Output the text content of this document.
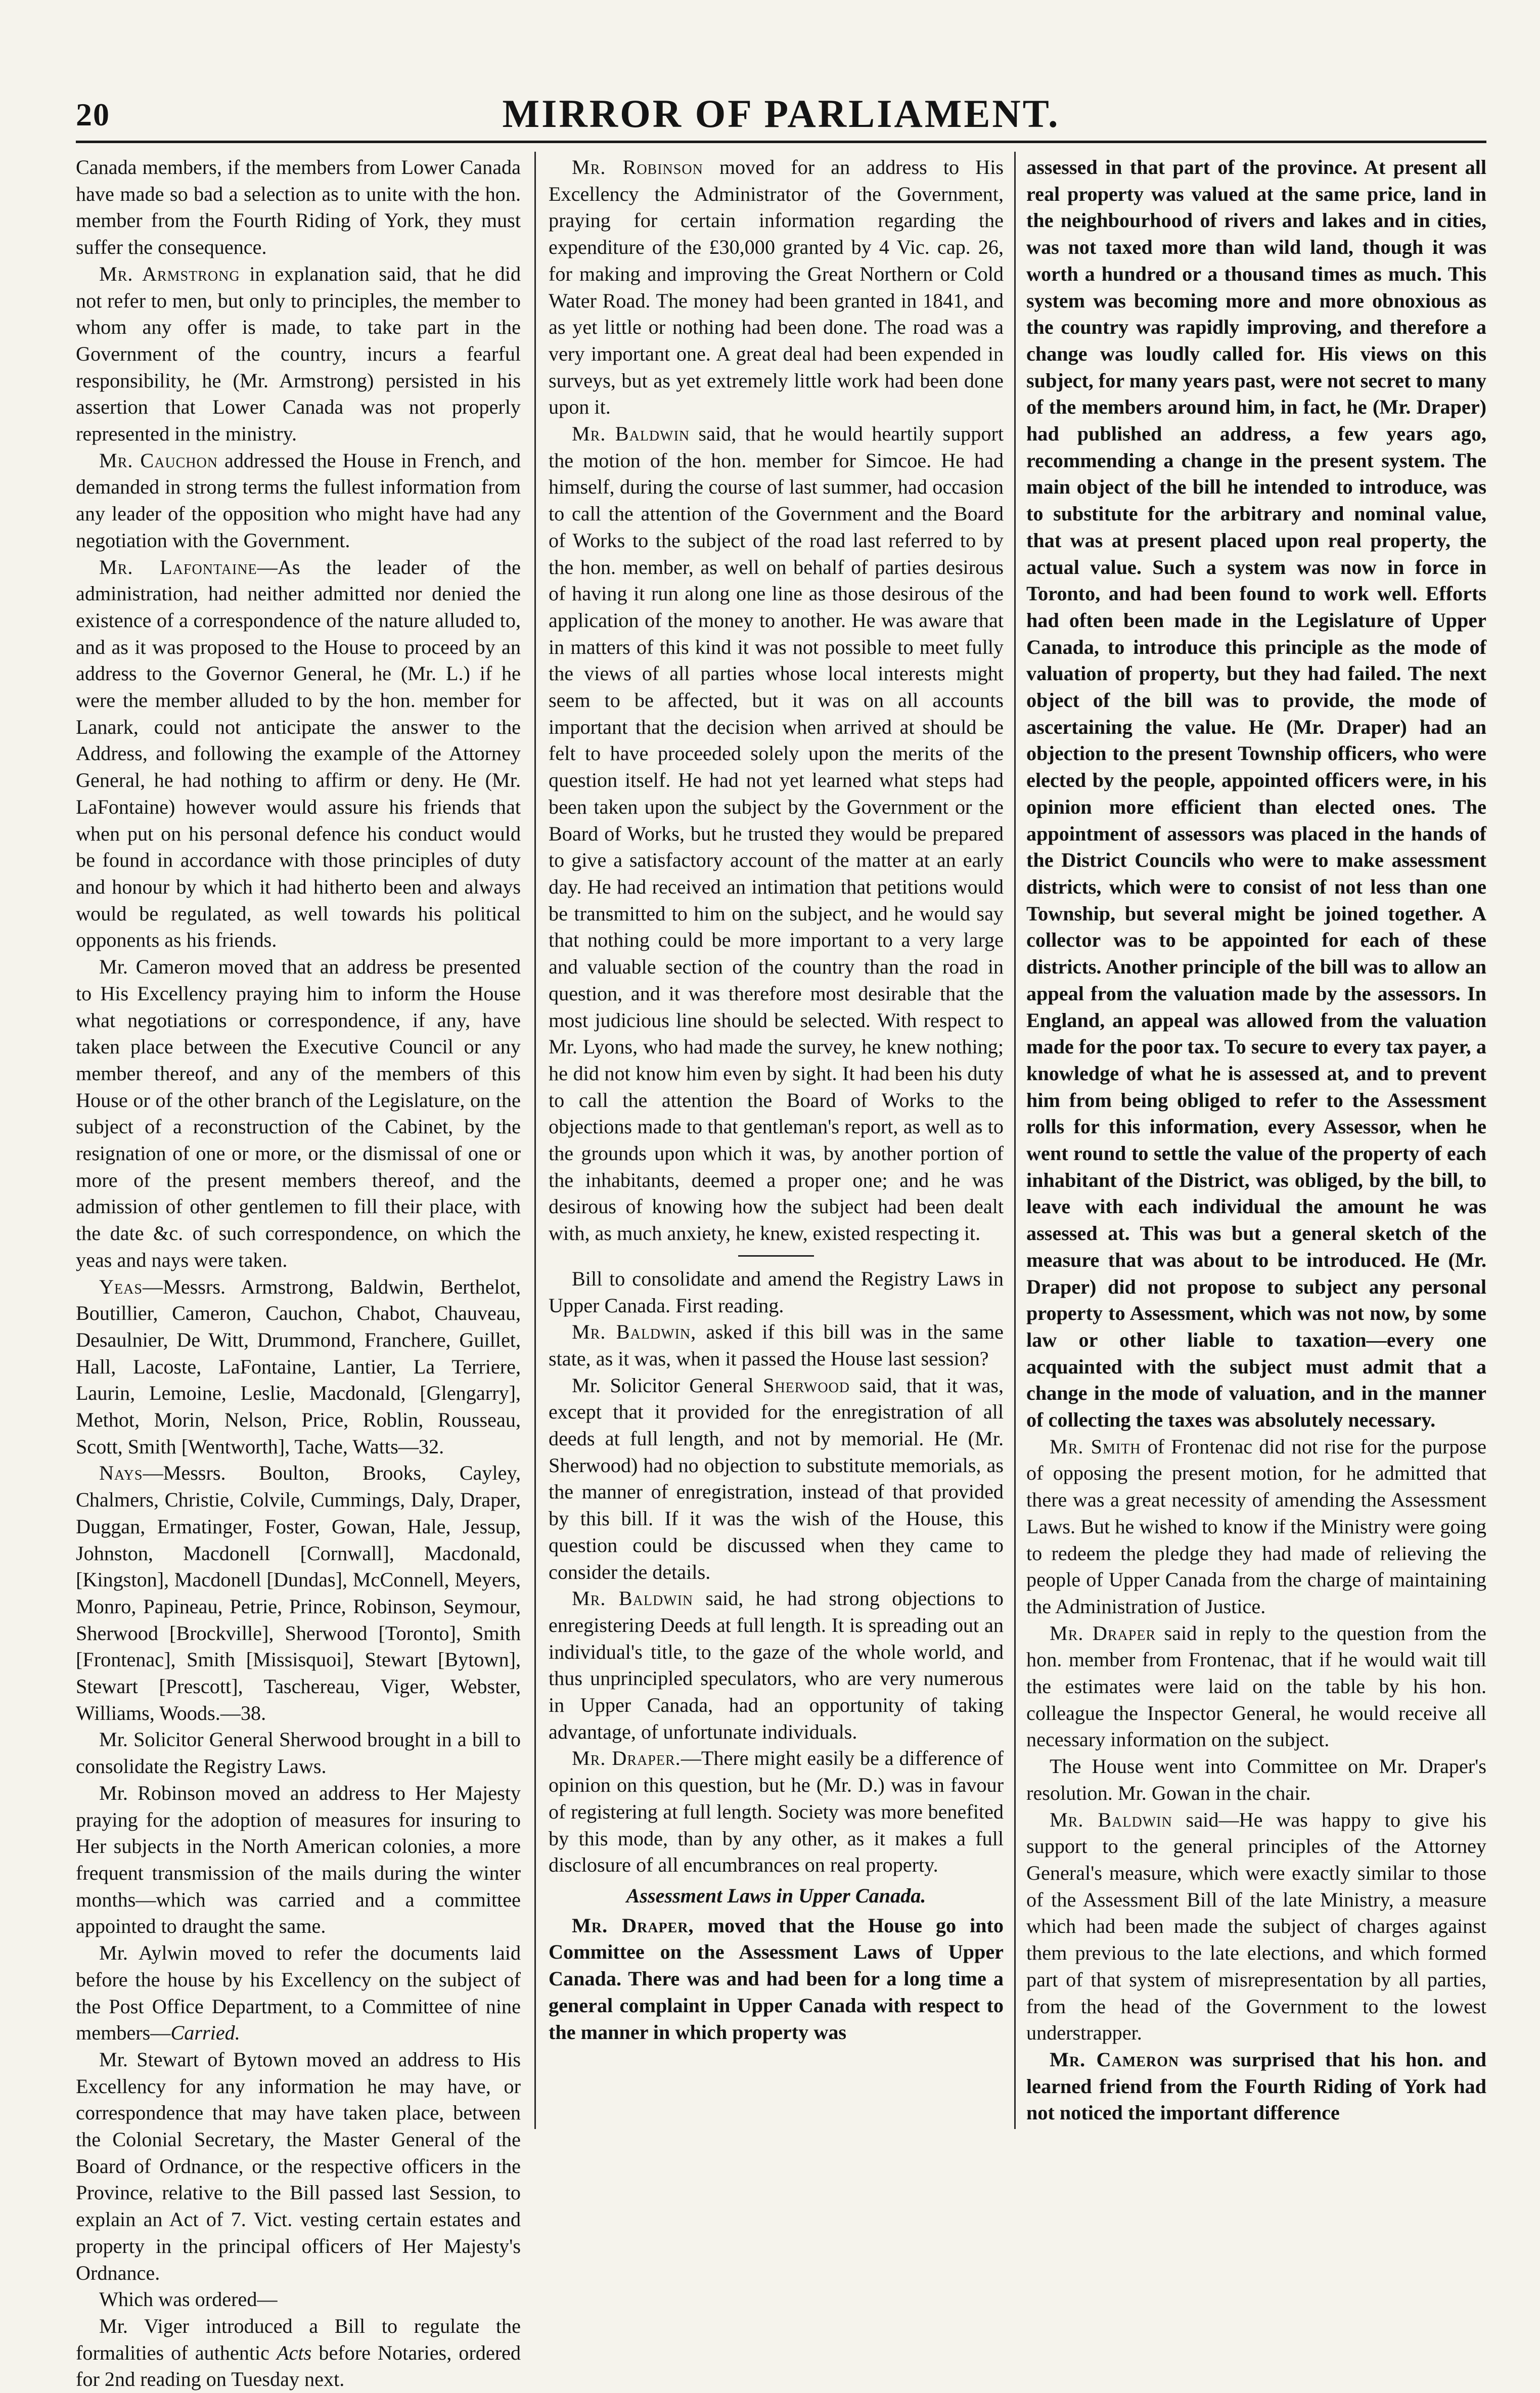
20	MIRROR OF PARLIAMENT.

Canada members, if the members from Lower Canada have made so bad a selection as to unite with the hon. member from the Fourth Riding of York, they must suffer the consequence.

Mr. Armstrong in explanation said, that he did not refer to men, but only to principles, the member to whom any offer is made, to take part in the Government of the country, incurs a fearful responsibility, he (Mr. Armstrong) persisted in his assertion that Lower Canada was not properly represented in the ministry.

Mr. Cauchon addressed the House in French, and demanded in strong terms the fullest information from any leader of the opposition who might have had any negotiation with the Government.

Mr. Lafontaine—As the leader of the administration, had neither admitted nor denied the existence of a correspondence of the nature alluded to, and as it was proposed to the House to proceed by an address to the Governor General, he (Mr. L.) if he were the member alluded to by the hon. member for Lanark, could not anticipate the answer to the Address, and following the example of the Attorney General, he had nothing to affirm or deny. He (Mr. LaFontaine) however would assure his friends that when put on his personal defence his conduct would be found in accordance with those principles of duty and honour by which it had hitherto been and always would be regulated, as well towards his political opponents as his friends.

Mr. Cameron moved that an address be presented to His Excellency praying him to inform the House what negotiations or correspondence, if any, have taken place between the Executive Council or any member thereof, and any of the members of this House or of the other branch of the Legislature, on the subject of a reconstruction of the Cabinet, by the resignation of one or more, or the dismissal of one or more of the present members thereof, and the admission of other gentlemen to fill their place, with the date &c. of such correspondence, on which the yeas and nays were taken.

Yeas—Messrs. Armstrong, Baldwin, Berthelot, Boutillier, Cameron, Cauchon, Chabot, Chauveau, Desaulnier, De Witt, Drummond, Franchere, Guillet, Hall, Lacoste, LaFontaine, Lantier, La Terriere, Laurin, Lemoine, Leslie, Macdonald, [Glengarry], Methot, Morin, Nelson, Price, Roblin, Rousseau, Scott, Smith [Wentworth], Tache, Watts—32.

Nays—Messrs. Boulton, Brooks, Cayley, Chalmers, Christie, Colvile, Cummings, Daly, Draper, Duggan, Ermatinger, Foster, Gowan, Hale, Jessup, Johnston, Macdonell [Cornwall], Macdonald, [Kingston], Macdonell [Dundas], McConnell, Meyers, Monro, Papineau, Petrie, Prince, Robinson, Seymour, Sherwood [Brockville], Sherwood [Toronto], Smith [Frontenac], Smith [Missisquoi], Stewart [Bytown], Stewart [Prescott], Taschereau, Viger, Webster, Williams, Woods.—38.

Mr. Solicitor General Sherwood brought in a bill to consolidate the Registry Laws.

Mr. Robinson moved an address to Her Majesty praying for the adoption of measures for insuring to Her subjects in the North American colonies, a more frequent transmission of the mails during the winter months—which was carried and a committee appointed to draught the same.

Mr. Aylwin moved to refer the documents laid before the house by his Excellency on the subject of the Post Office Department, to a Committee of nine members—Carried.

Mr. Stewart of Bytown moved an address to His Excellency for any information he may have, or correspondence that may have taken place, between the Colonial Secretary, the Master General of the Board of Ordnance, or the respective officers in the Province, relative to the Bill passed last Session, to explain an Act of 7. Vict. vesting certain estates and property in the principal officers of Her Majesty's Ordnance.

Which was ordered—

Mr. Viger introduced a Bill to regulate the formalities of authentic Acts before Notaries, ordered for 2nd reading on Tuesday next.

Mr. Robinson moved for an address to His Excellency the Administrator of the Government, praying for certain information regarding the expenditure of the £30,000 granted by 4 Vic. cap. 26, for making and improving the Great Northern or Cold Water Road. The money had been granted in 1841, and as yet little or nothing had been done. The road was a very important one. A great deal had been expended in surveys, but as yet extremely little work had been done upon it.

Mr. Baldwin said, that he would heartily support the motion of the hon. member for Simcoe. He had himself, during the course of last summer, had occasion to call the attention of the Government and the Board of Works to the subject of the road last referred to by the hon. member, as well on behalf of parties desirous of having it run along one line as those desirous of the application of the money to another. He was aware that in matters of this kind it was not possible to meet fully the views of all parties whose local interests might seem to be affected, but it was on all accounts important that the decision when arrived at should be felt to have proceeded solely upon the merits of the question itself. He had not yet learned what steps had been taken upon the subject by the Government or the Board of Works, but he trusted they would be prepared to give a satisfactory account of the matter at an early day. He had received an intimation that petitions would be transmitted to him on the subject, and he would say that nothing could be more important to a very large and valuable section of the country than the road in question, and it was therefore most desirable that the most judicious line should be selected. With respect to Mr. Lyons, who had made the survey, he knew nothing; he did not know him even by sight. It had been his duty to call the attention the Board of Works to the objections made to that gentleman's report, as well as to the grounds upon which it was, by another portion of the inhabitants, deemed a proper one; and he was desirous of knowing how the subject had been dealt with, as much anxiety, he knew, existed respecting it.

Bill to consolidate and amend the Registry Laws in Upper Canada. First reading.

Mr. Baldwin, asked if this bill was in the same state, as it was, when it passed the House last session?

Mr. Solicitor General Sherwood said, that it was, except that it provided for the enregistration of all deeds at full length, and not by memorial. He (Mr. Sherwood) had no objection to substitute memorials, as the manner of enregistration, instead of that provided by this bill. If it was the wish of the House, this question could be discussed when they came to consider the details.

Mr. Baldwin said, he had strong objections to enregistering Deeds at full length. It is spreading out an individual's title, to the gaze of the whole world, and thus unprincipled speculators, who are very numerous in Upper Canada, had an opportunity of taking advantage, of unfortunate individuals.

Mr. Draper.—There might easily be a difference of opinion on this question, but he (Mr. D.) was in favour of registering at full length. Society was more benefited by this mode, than by any other, as it makes a full disclosure of all encumbrances on real property.

Assessment Laws in Upper Canada.

Mr. Draper, moved that the House go into Committee on the Assessment Laws of Upper Canada. There was and had been for a long time a general complaint in Upper Canada with respect to the manner in which property was

assessed in that part of the province. At present all real property was valued at the same price, land in the neighbourhood of rivers and lakes and in cities, was not taxed more than wild land, though it was worth a hundred or a thousand times as much. This system was becoming more and more obnoxious as the country was rapidly improving, and therefore a change was loudly called for. His views on this subject, for many years past, were not secret to many of the members around him, in fact, he (Mr. Draper) had published an address, a few years ago, recommending a change in the present system. The main object of the bill he intended to introduce, was to substitute for the arbitrary and nominal value, that was at present placed upon real property, the actual value. Such a system was now in force in Toronto, and had been found to work well. Efforts had often been made in the Legislature of Upper Canada, to introduce this principle as the mode of valuation of property, but they had failed. The next object of the bill was to provide, the mode of ascertaining the value. He (Mr. Draper) had an objection to the present Township officers, who were elected by the people, appointed officers were, in his opinion more efficient than elected ones. The appointment of assessors was placed in the hands of the District Councils who were to make assessment districts, which were to consist of not less than one Township, but several might be joined together. A collector was to be appointed for each of these districts. Another principle of the bill was to allow an appeal from the valuation made by the assessors. In England, an appeal was allowed from the valuation made for the poor tax. To secure to every tax payer, a knowledge of what he is assessed at, and to prevent him from being obliged to refer to the Assessment rolls for this information, every Assessor, when he went round to settle the value of the property of each inhabitant of the District, was obliged, by the bill, to leave with each individual the amount he was assessed at. This was but a general sketch of the measure that was about to be introduced. He (Mr. Draper) did not propose to subject any personal property to Assessment, which was not now, by some law or other liable to taxation—every one acquainted with the subject must admit that a change in the mode of valuation, and in the manner of collecting the taxes was absolutely necessary.

Mr. Smith of Frontenac did not rise for the purpose of opposing the present motion, for he admitted that there was a great necessity of amending the Assessment Laws. But he wished to know if the Ministry were going to redeem the pledge they had made of relieving the people of Upper Canada from the charge of maintaining the Administration of Justice.

Mr. Draper said in reply to the question from the hon. member from Frontenac, that if he would wait till the estimates were laid on the table by his hon. colleague the Inspector General, he would receive all necessary information on the subject.

The House went into Committee on Mr. Draper's resolution. Mr. Gowan in the chair.

Mr. Baldwin said—He was happy to give his support to the general principles of the Attorney General's measure, which were exactly similar to those of the Assessment Bill of the late Ministry, a measure which had been made the subject of charges against them previous to the late elections, and which formed part of that system of misrepresentation by all parties, from the head of the Government to the lowest understrapper.

Mr. Cameron was surprised that his hon. and learned friend from the Fourth Riding of York had not noticed the important difference
